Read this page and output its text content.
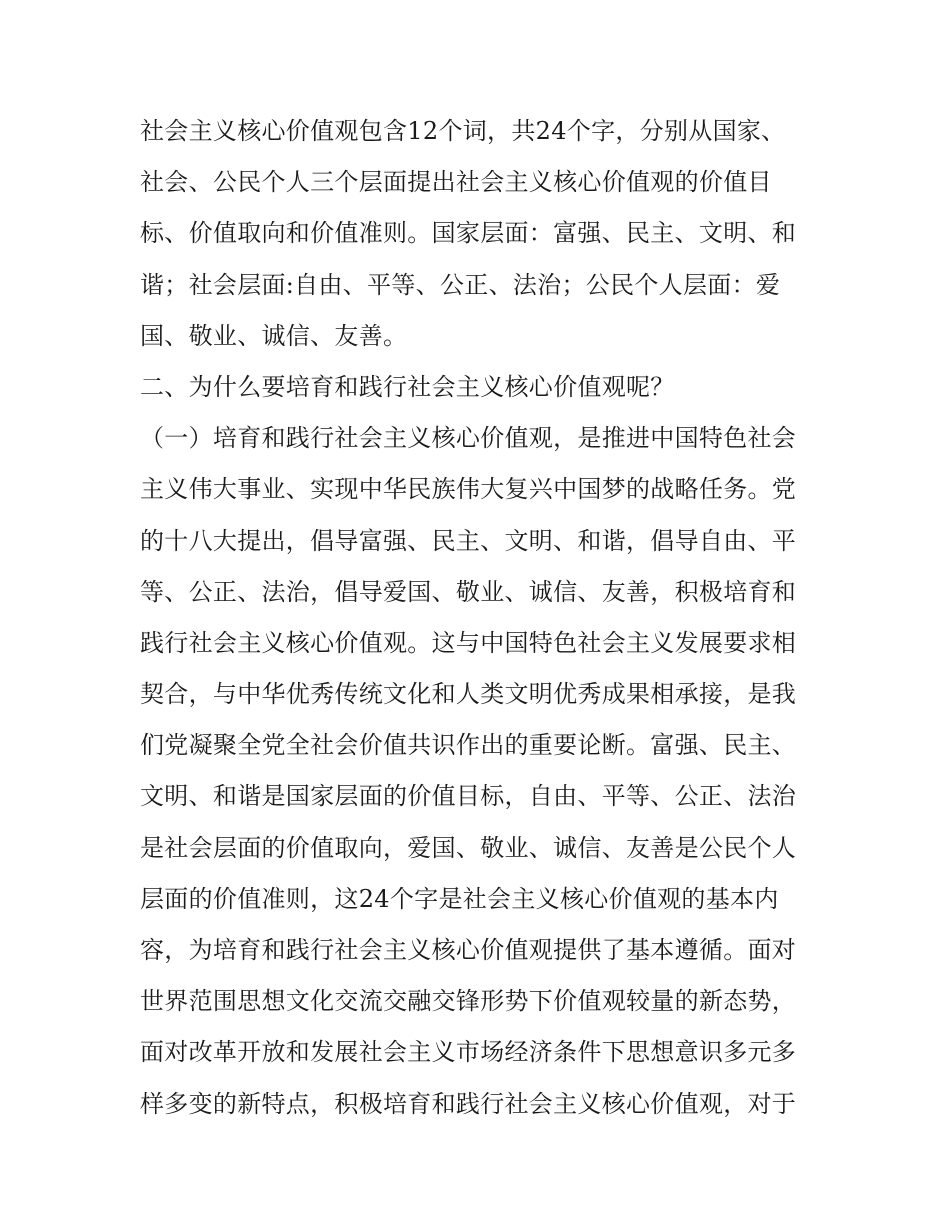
社会主义核心价值观包含12个词，共24个字，分别从国家、
社会、公民个人三个层面提出社会主义核心价值观的价值目
标、价值取向和价值准则。国家层面：富强、民主、文明、和
谐；社会层面:自由、平等、公正、法治；公民个人层面：爱
国、敬业、诚信、友善。
二、为什么要培育和践行社会主义核心价值观呢？
（一）培育和践行社会主义核心价值观，是推进中国特色社会
主义伟大事业、实现中华民族伟大复兴中国梦的战略任务。党
的十八大提出，倡导富强、民主、文明、和谐，倡导自由、平
等、公正、法治，倡导爱国、敬业、诚信、友善，积极培育和
践行社会主义核心价值观。这与中国特色社会主义发展要求相
契合，与中华优秀传统文化和人类文明优秀成果相承接，是我
们党凝聚全党全社会价值共识作出的重要论断。富强、民主、
文明、和谐是国家层面的价值目标，自由、平等、公正、法治
是社会层面的价值取向，爱国、敬业、诚信、友善是公民个人
层面的价值准则，这24个字是社会主义核心价值观的基本内
容，为培育和践行社会主义核心价值观提供了基本遵循。面对
世界范围思想文化交流交融交锋形势下价值观较量的新态势，
面对改革开放和发展社会主义市场经济条件下思想意识多元多
样多变的新特点，积极培育和践行社会主义核心价值观，对于
